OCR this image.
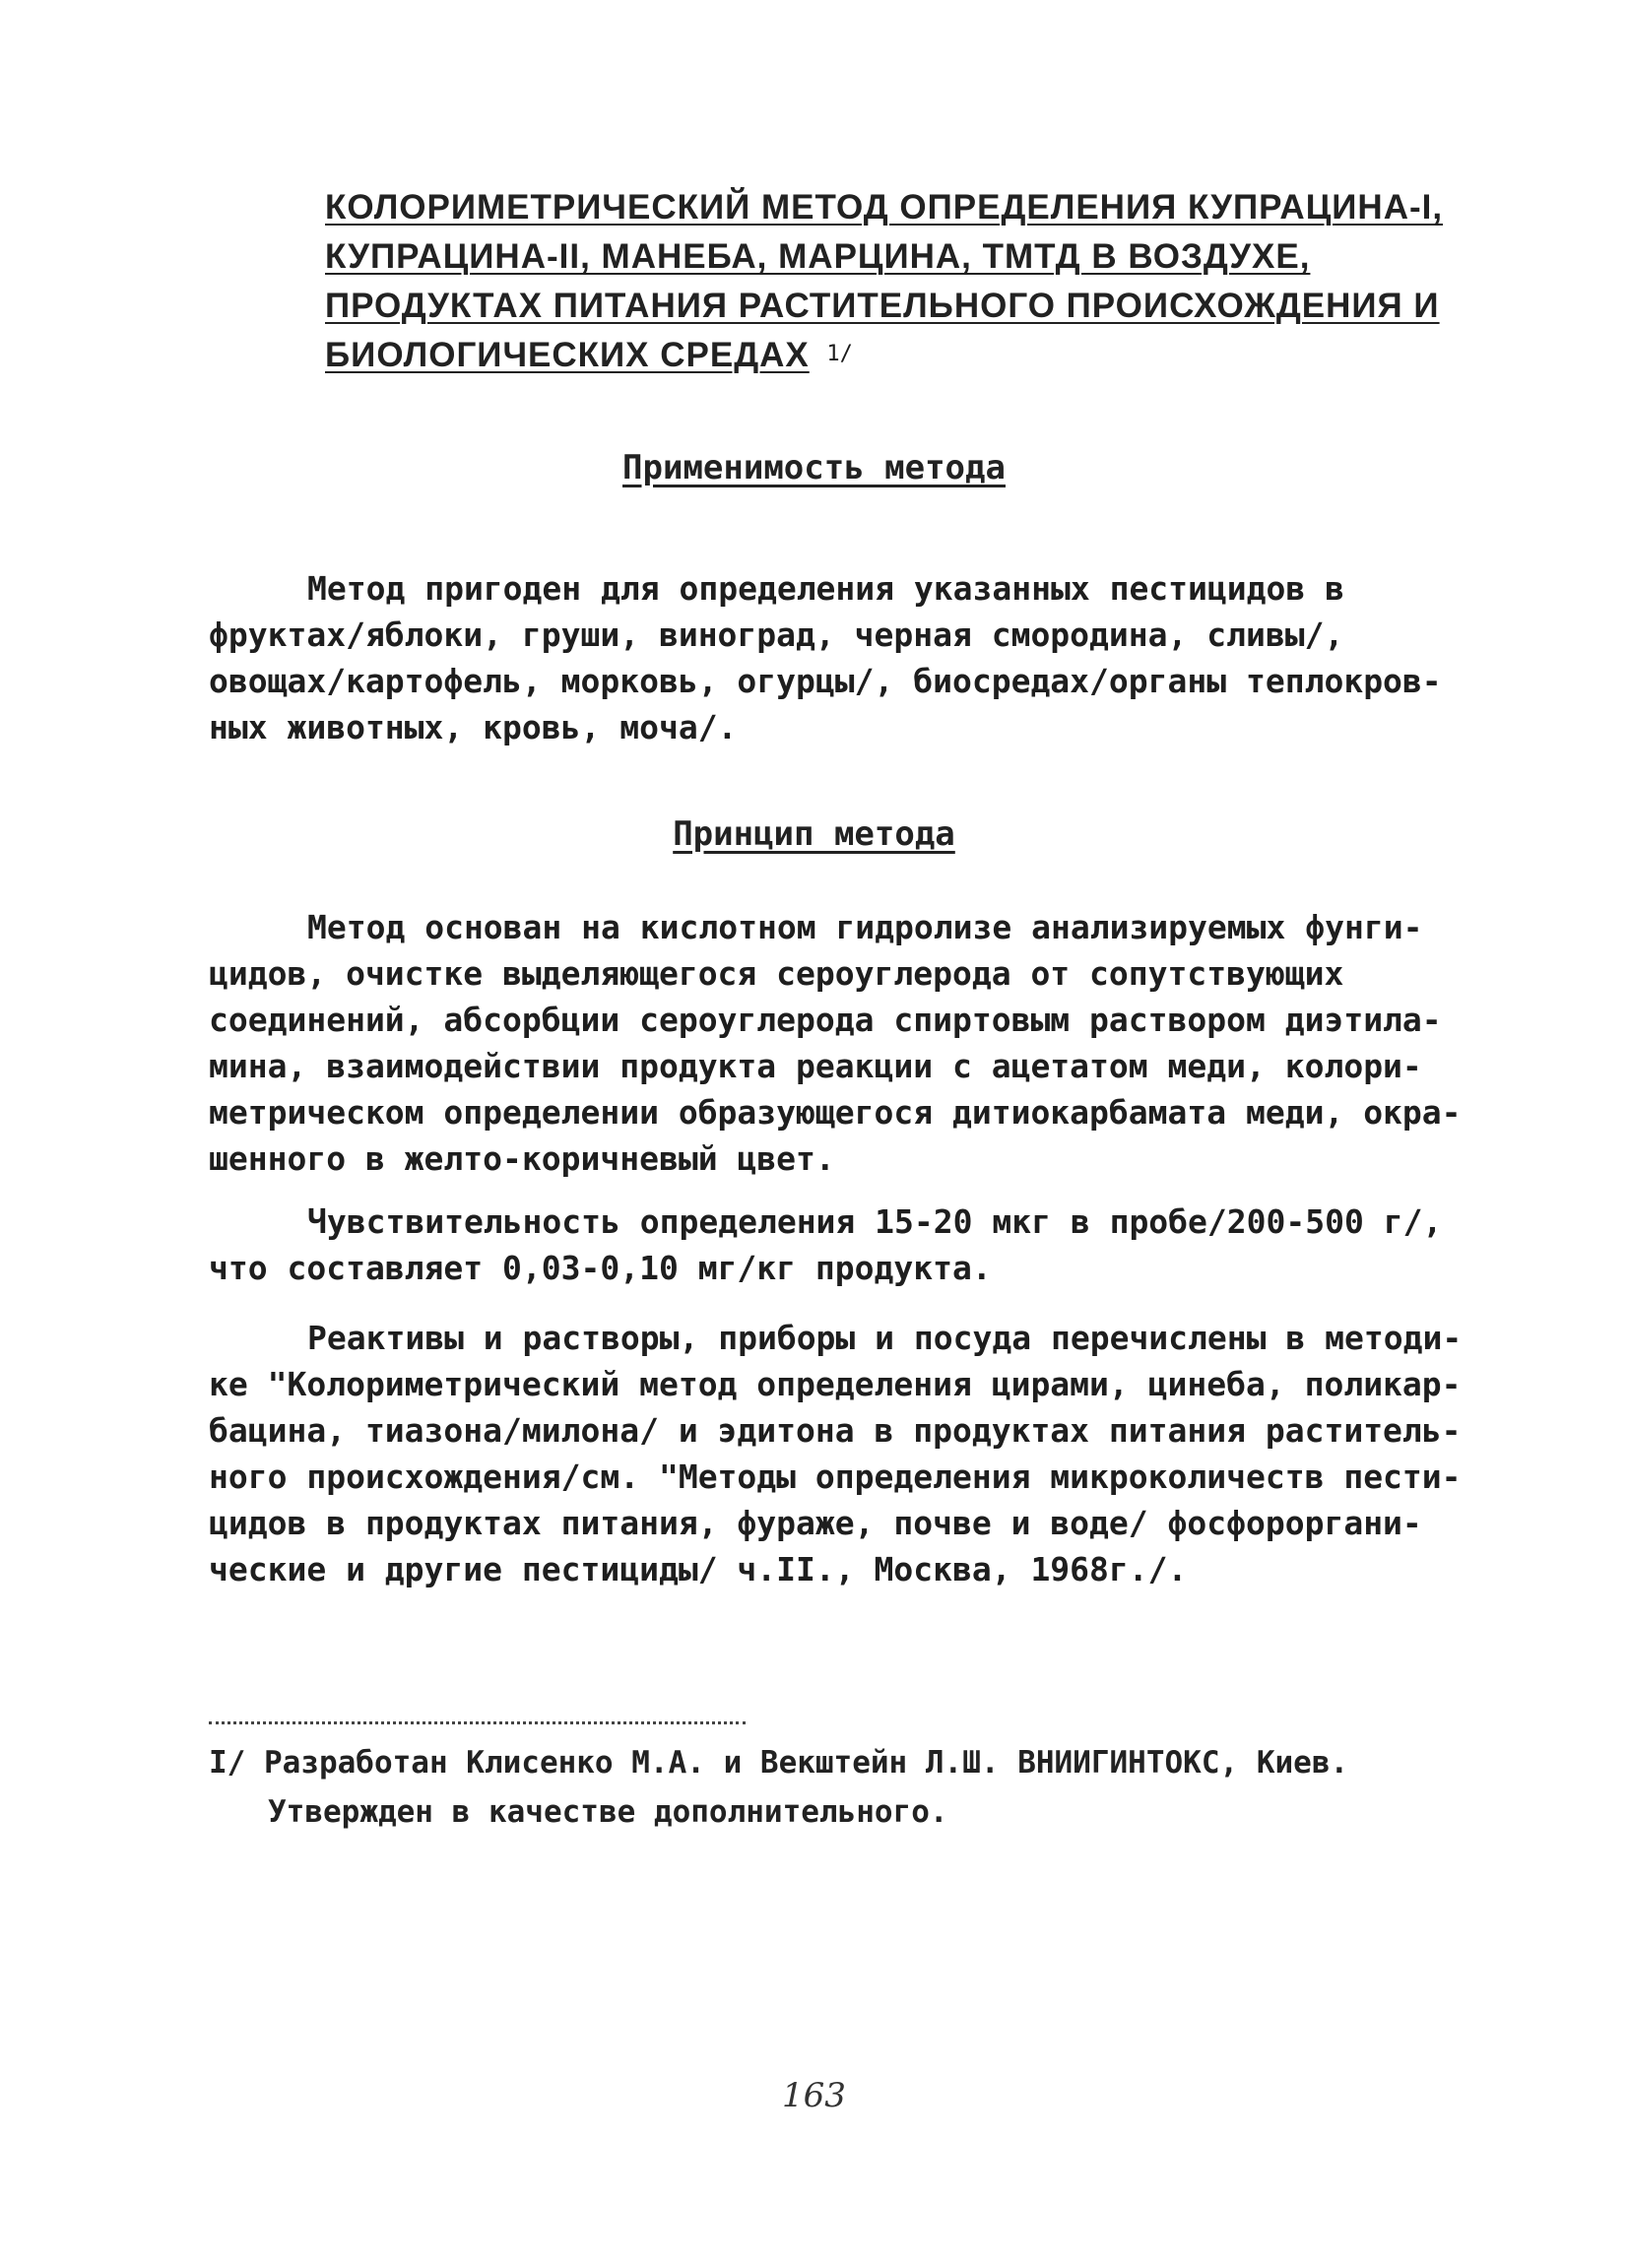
КОЛОРИМЕТРИЧЕСКИЙ МЕТОД ОПРЕДЕЛЕНИЯ КУПРАЦИНА-I,
КУПРАЦИНА-II, МАНЕБА, МАРЦИНА, ТМТД В ВОЗДУХЕ,
ПРОДУКТАХ ПИТАНИЯ РАСТИТЕЛЬНОГО ПРОИСХОЖДЕНИЯ И
БИОЛОГИЧЕСКИХ СРЕДАХ 1/
Применимость метода
Метод пригоден для определения указанных пестицидов в
фруктах/яблоки, груши, виноград, черная смородина, сливы/,
овощах/картофель, морковь, огурцы/, биосредах/органы теплокров-
ных животных, кровь, моча/.
Принцип метода
Метод основан на кислотном гидролизе анализируемых фунги-
цидов, очистке выделяющегося сероуглерода от сопутствующих
соединений, абсорбции сероуглерода спиртовым раствором диэтила-
мина, взаимодействии продукта реакции с ацетатом меди, колори-
метрическом определении образующегося дитиокарбамата меди, окра-
шенного в желто-коричневый цвет.
Чувствительность определения 15-20 мкг в пробе/200-500 г/,
что составляет 0,03-0,10 мг/кг продукта.
Реактивы и растворы, приборы и посуда перечислены в методи-
ке "Колориметрический метод определения цирами, цинеба, поликар-
бацина, тиазона/милона/ и эдитона в продуктах питания раститель-
ного происхождения/см. "Методы определения микроколичеств пести-
цидов в продуктах питания, фураже, почве и воде/ фосфороргани-
ческие и другие пестициды/ ч.II., Москва, 1968г./.
I/ Разработан Клисенко М.А. и Векштейн Л.Ш. ВНИИГИНТОКС, Киев.
Утвержден в качестве дополнительного.
163
